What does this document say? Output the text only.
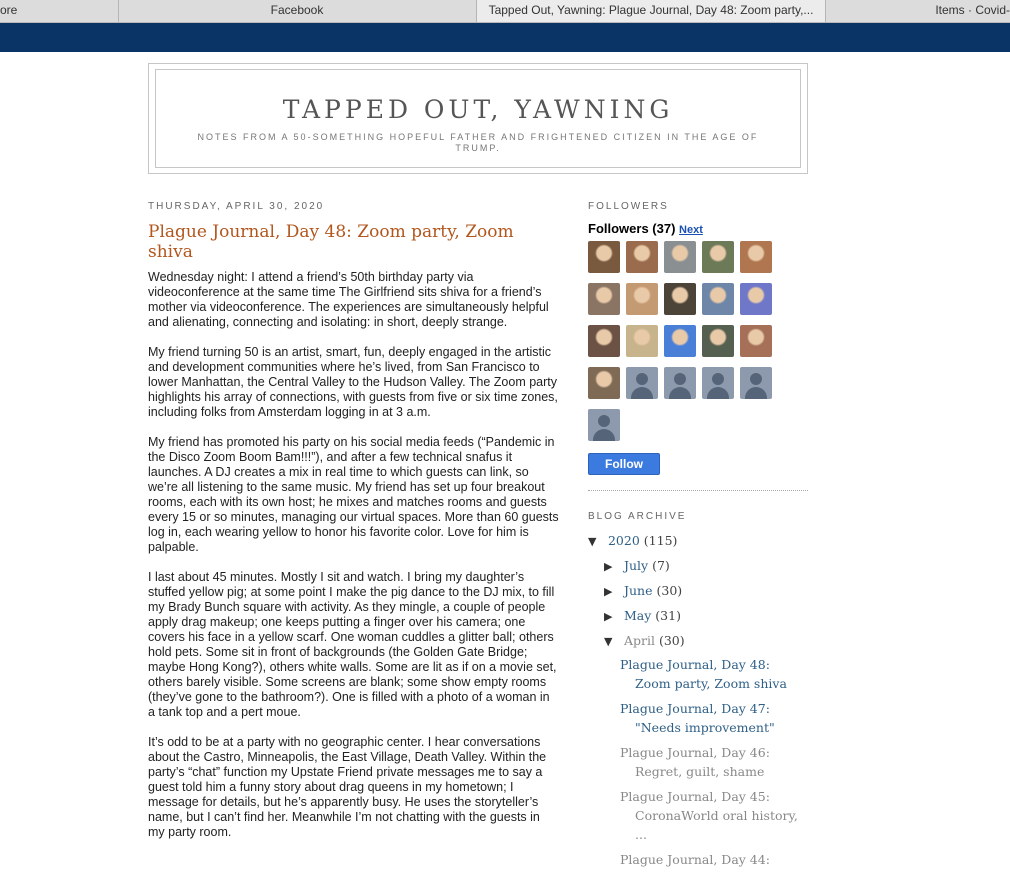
ore	Facebook	Tapped Out, Yawning: Plague Journal, Day 48: Zoom party,...	Items · Covid-
TAPPED OUT, YAWNING
NOTES FROM A 50-SOMETHING HOPEFUL FATHER AND FRIGHTENED CITIZEN IN THE AGE OF TRUMP.
THURSDAY, APRIL 30, 2020
Plague Journal, Day 48: Zoom party, Zoom shiva

Wednesday night: I attend a friend’s 50th birthday party via videoconference at the same time The Girlfriend sits shiva for a friend’s mother via videoconference. The experiences are simultaneously helpful and alienating, connecting and isolating: in short, deeply strange.

My friend turning 50 is an artist, smart, fun, deeply engaged in the artistic and development communities where he’s lived, from San Francisco to lower Manhattan, the Central Valley to the Hudson Valley. The Zoom party highlights his array of connections, with guests from five or six time zones, including folks from Amsterdam logging in at 3 a.m.

My friend has promoted his party on his social media feeds (“Pandemic in the Disco Zoom Boom Bam!!!”), and after a few technical snafus it launches. A DJ creates a mix in real time to which guests can link, so we’re all listening to the same music. My friend has set up four breakout rooms, each with its own host; he mixes and matches rooms and guests every 15 or so minutes, managing our virtual spaces. More than 60 guests log in, each wearing yellow to honor his favorite color. Love for him is palpable.

I last about 45 minutes. Mostly I sit and watch. I bring my daughter’s stuffed yellow pig; at some point I make the pig dance to the DJ mix, to fill my Brady Bunch square with activity. As they mingle, a couple of people apply drag makeup; one keeps putting a finger over his camera; one covers his face in a yellow scarf. One woman cuddles a glitter ball; others hold pets. Some sit in front of backgrounds (the Golden Gate Bridge; maybe Hong Kong?), others white walls. Some are lit as if on a movie set, others barely visible. Some screens are blank; some show empty rooms (they’ve gone to the bathroom?). One is filled with a photo of a woman in a tank top and a pert moue.

It’s odd to be at a party with no geographic center. I hear conversations about the Castro, Minneapolis, the East Village, Death Valley. Within the party’s “chat” function my Upstate Friend private messages me to say a guest told him a funny story about drag queens in my hometown; I message for details, but he’s apparently busy. He uses the storyteller’s name, but I can’t find her. Meanwhile I’m not chatting with the guests in my party room.

FOLLOWERS
Followers (37) Next
Follow
BLOG ARCHIVE
▼ 2020 (115)
▶ July (7)
▶ June (30)
▶ May (31)
▼ April (30)
Plague Journal, Day 48: Zoom party, Zoom shiva
Plague Journal, Day 47: "Needs improvement"
Plague Journal, Day 46: Regret, guilt, shame
Plague Journal, Day 45: CoronaWorld oral history, ...
Plague Journal, Day 44:
